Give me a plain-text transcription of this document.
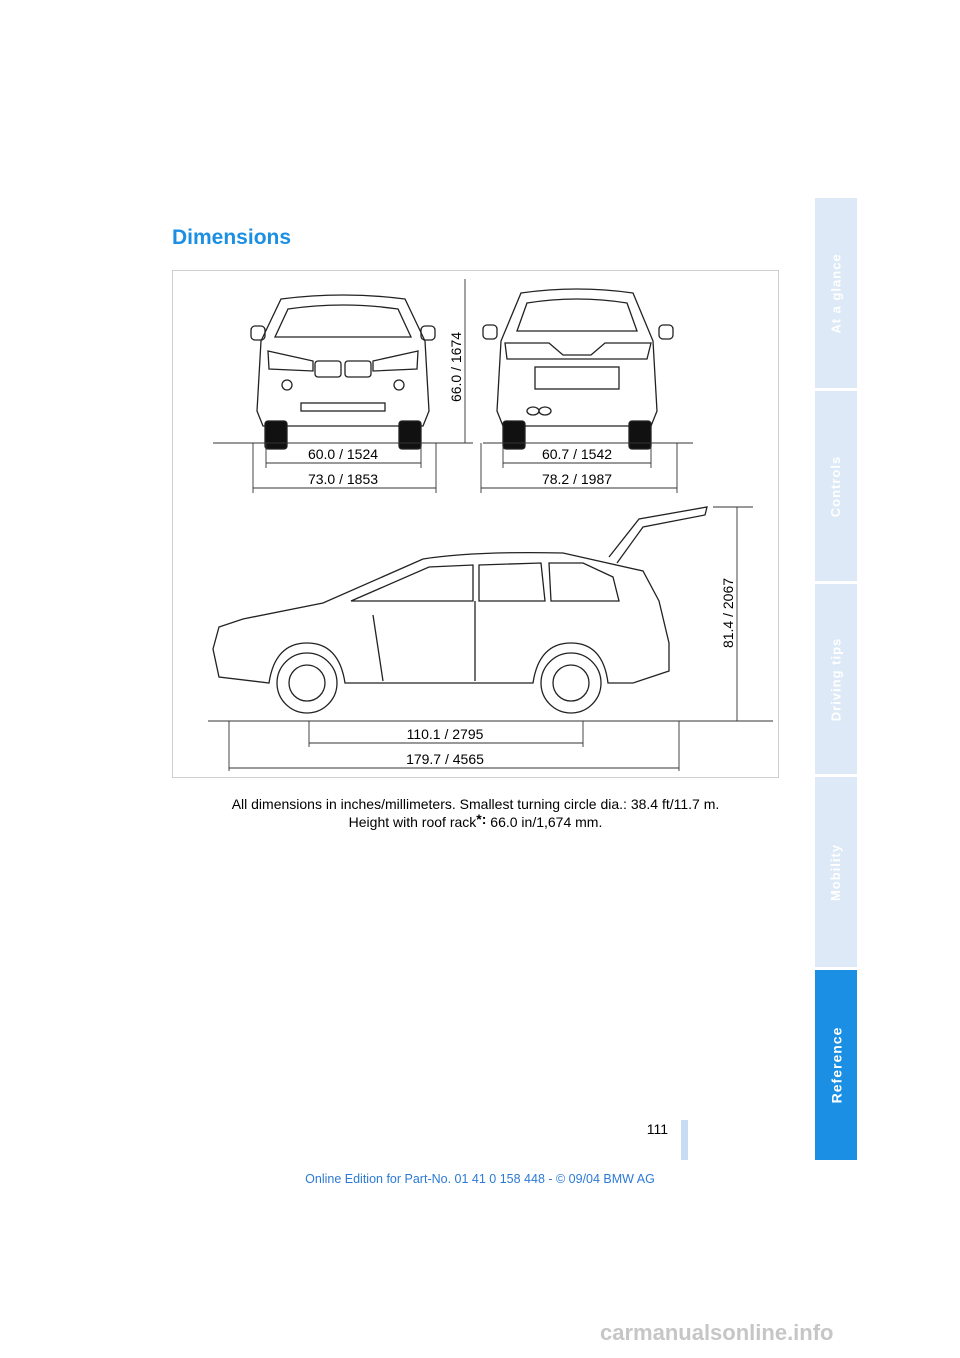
Dimensions
60.0 / 1524
73.0 / 1853
60.7 / 1542
78.2 / 1987
66.0 / 1674
81.4 / 2067
110.1 / 2795
179.7 / 4565
All dimensions in inches/millimeters. Smallest turning circle dia.: 38.4 ft/11.7 m.
Height with roof rack*: 66.0 in/1,674 mm.
At a glance
Controls
Driving tips
Mobility
Reference
111
Online Edition for Part-No. 01 41 0 158 448 - © 09/04 BMW AG
carmanualsonline.info
